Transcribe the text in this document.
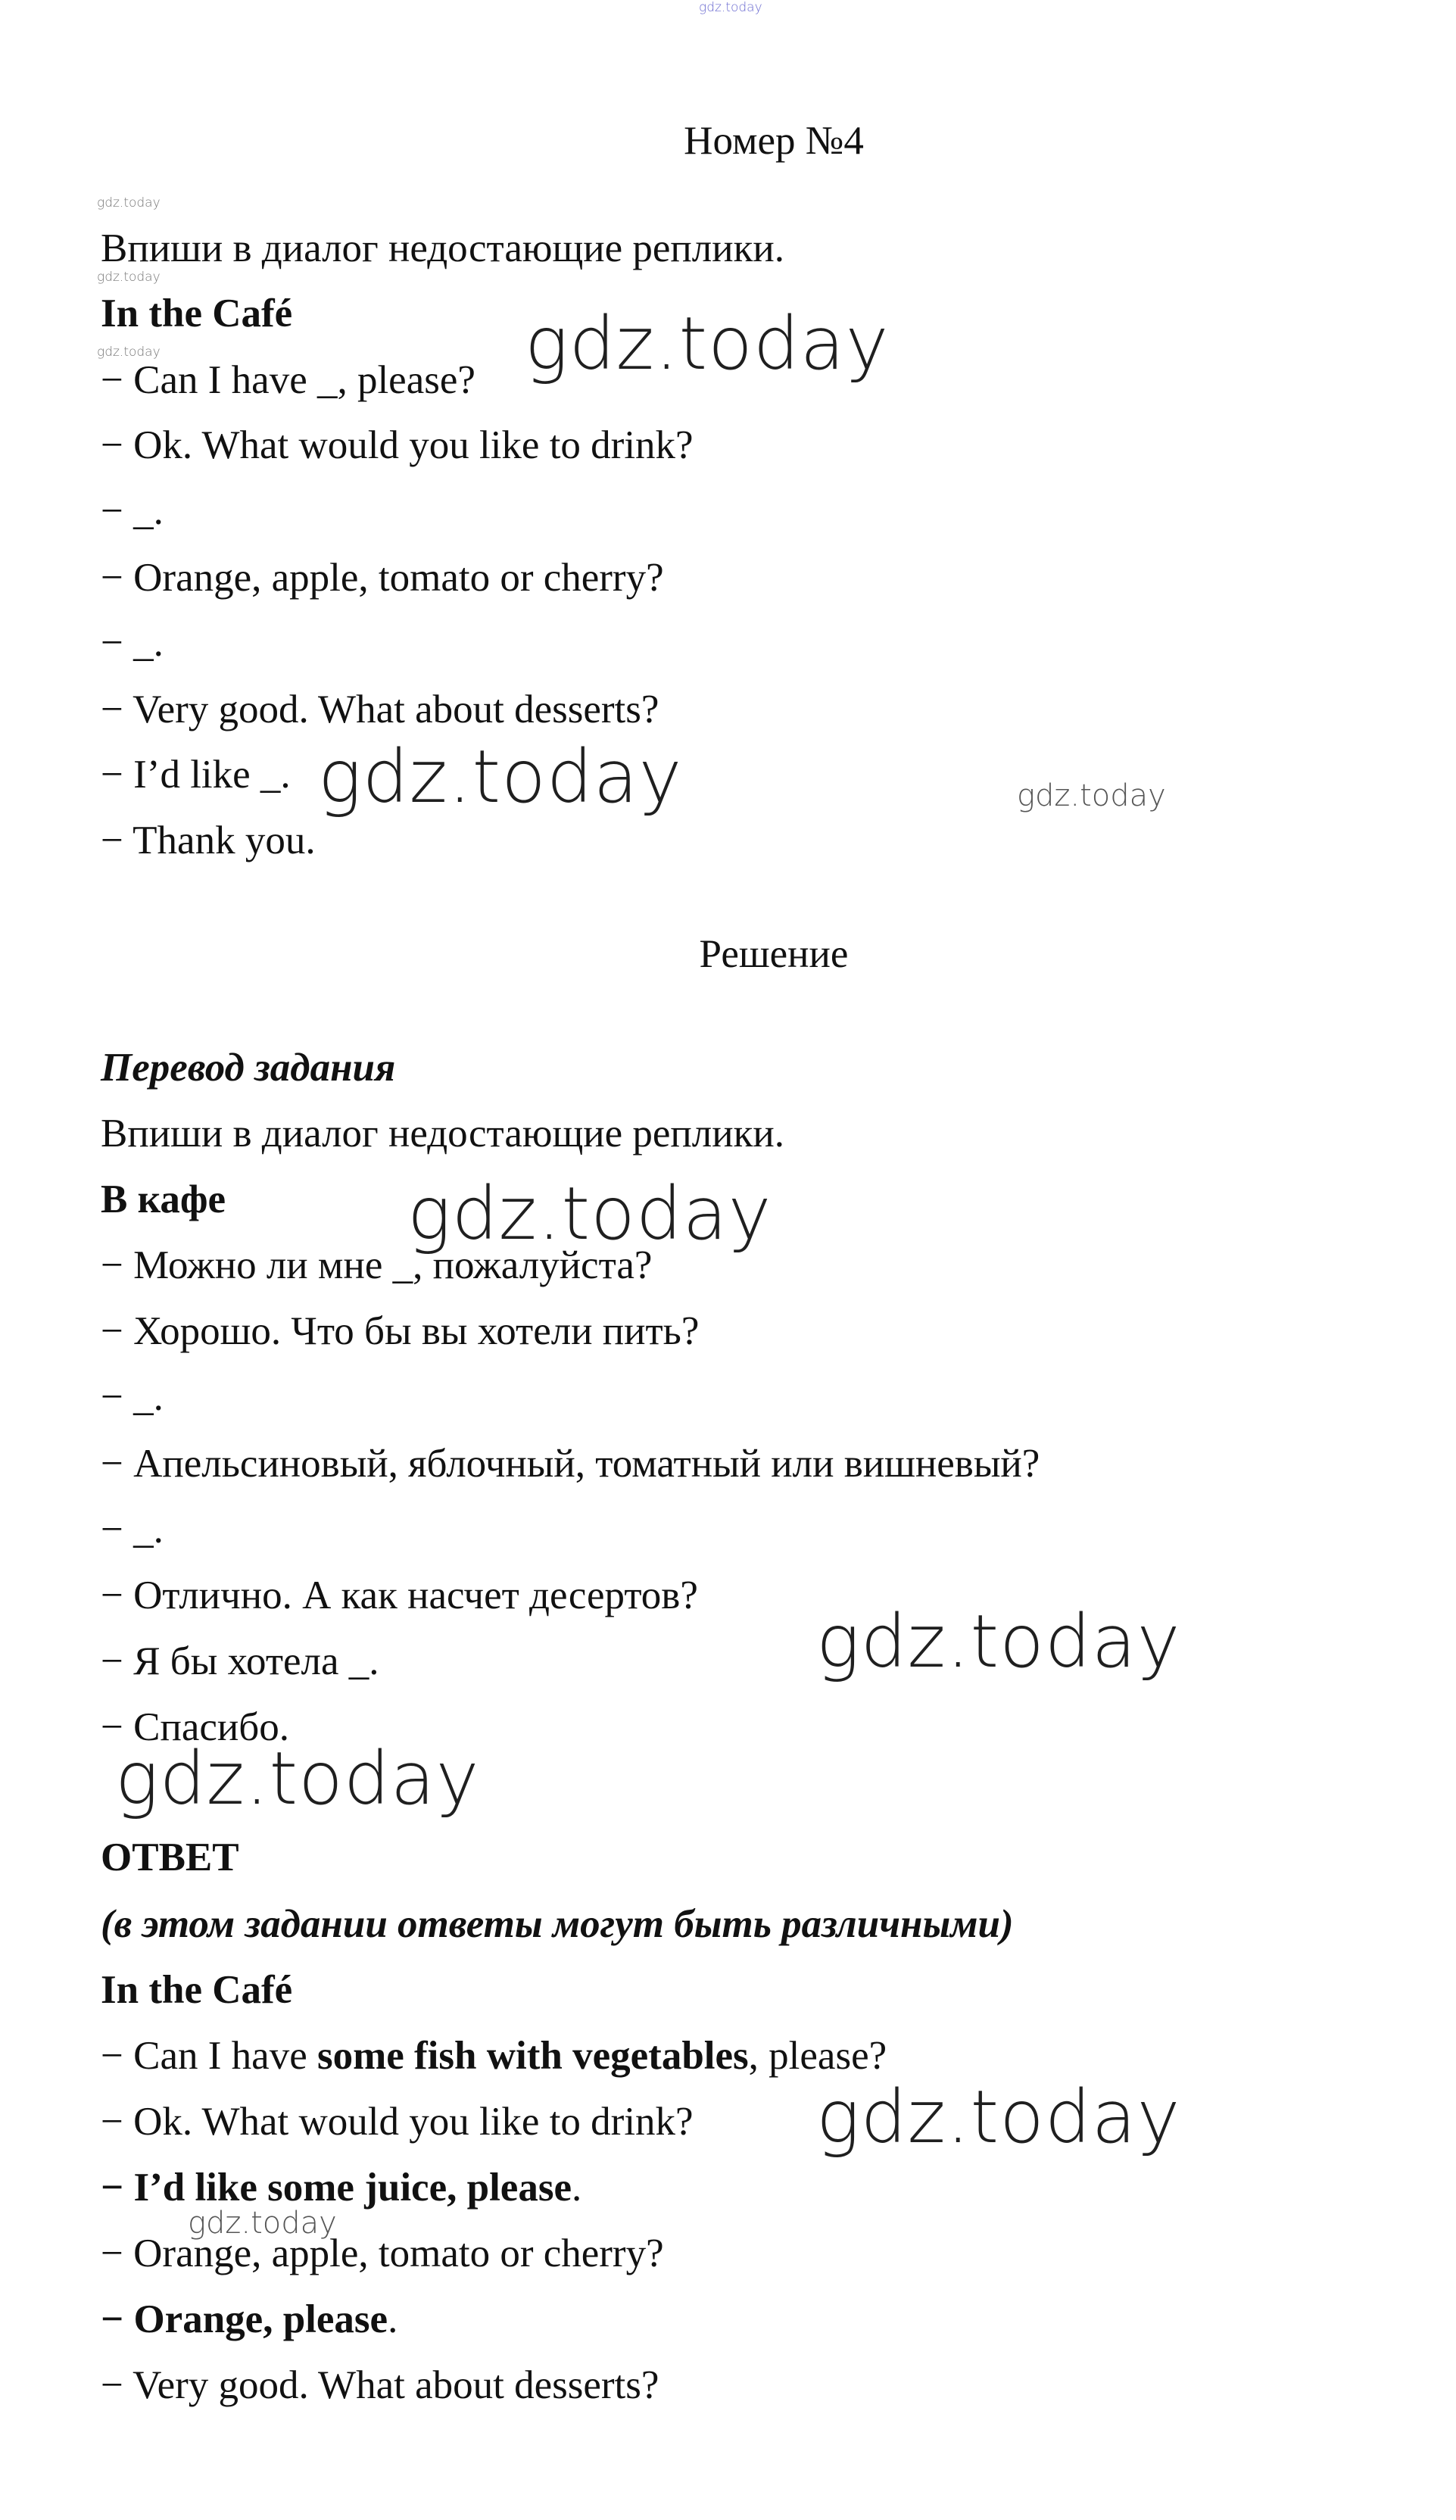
gdz.today
gdz.today
gdz.today
gdz.today	gdz.today
gdz.today	gdz.today
gdz.today
gdz.today
gdz.today
gdz.today
gdz.today
Номер №4
Впиши в диалог недостающие реплики.
In the Café
− Can I have _, please?
− Ok. What would you like to drink?
− _.
− Orange, apple, tomato or cherry?
− _.
− Very good. What about desserts?
− I’d like _.
− Thank you.
Решение
Перевод задания
Впиши в диалог недостающие реплики.
В кафе
− Можно ли мне _, пожалуйста?
− Хорошо. Что бы вы хотели пить?
− _.
− Апельсиновый, яблочный, томатный или вишневый?
− _.
− Отлично. А как насчет десертов?
− Я бы хотела _.
− Спасибо.
ОТВЕТ
(в этом задании ответы могут быть различными)
In the Café
− Can I have some fish with vegetables, please?
− Ok. What would you like to drink?
− I’d like some juice, please.
− Orange, apple, tomato or cherry?
− Orange, please.
− Very good. What about desserts?
